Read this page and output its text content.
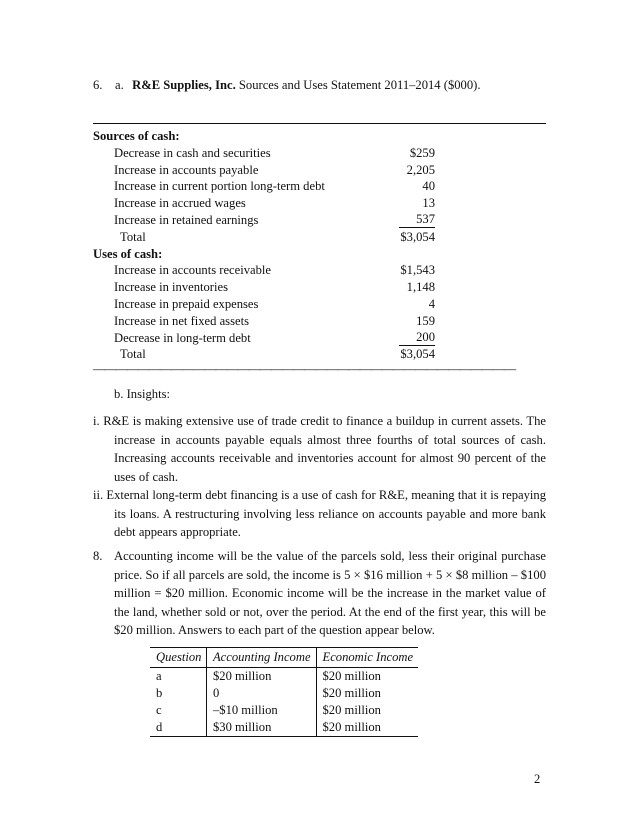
6. a. R&E Supplies, Inc. Sources and Uses Statement 2011–2014 ($000).
Sources of cash:
Decrease in cash and securities	$259
Increase in accounts payable	2,205
Increase in current portion long-term debt	40
Increase in accrued wages	13
Increase in retained earnings	537
Total	$3,054
Uses of cash:
Increase in accounts receivable	$1,543
Increase in inventories	1,148
Increase in prepaid expenses	4
Increase in net fixed assets	159
Decrease in long-term debt	200
Total	$3,054
——————————————————————————————————————
b. Insights:
i. R&E is making extensive use of trade credit to finance a buildup in current assets. The increase in accounts payable equals almost three fourths of total sources of cash. Increasing accounts receivable and inventories account for almost 90 percent of the uses of cash.
ii. External long-term debt financing is a use of cash for R&E, meaning that it is repaying its loans. A restructuring involving less reliance on accounts payable and more bank debt appears appropriate.
8. Accounting income will be the value of the parcels sold, less their original purchase price. So if all parcels are sold, the income is 5 × $16 million + 5 × $8 million – $100 million = $20 million. Economic income will be the increase in the market value of the land, whether sold or not, over the period. At the end of the first year, this will be $20 million. Answers to each part of the question appear below.
Question	Accounting Income	Economic Income
a	$20 million	$20 million
b	0	$20 million
c	–$10 million	$20 million
d	$30 million	$20 million
2
